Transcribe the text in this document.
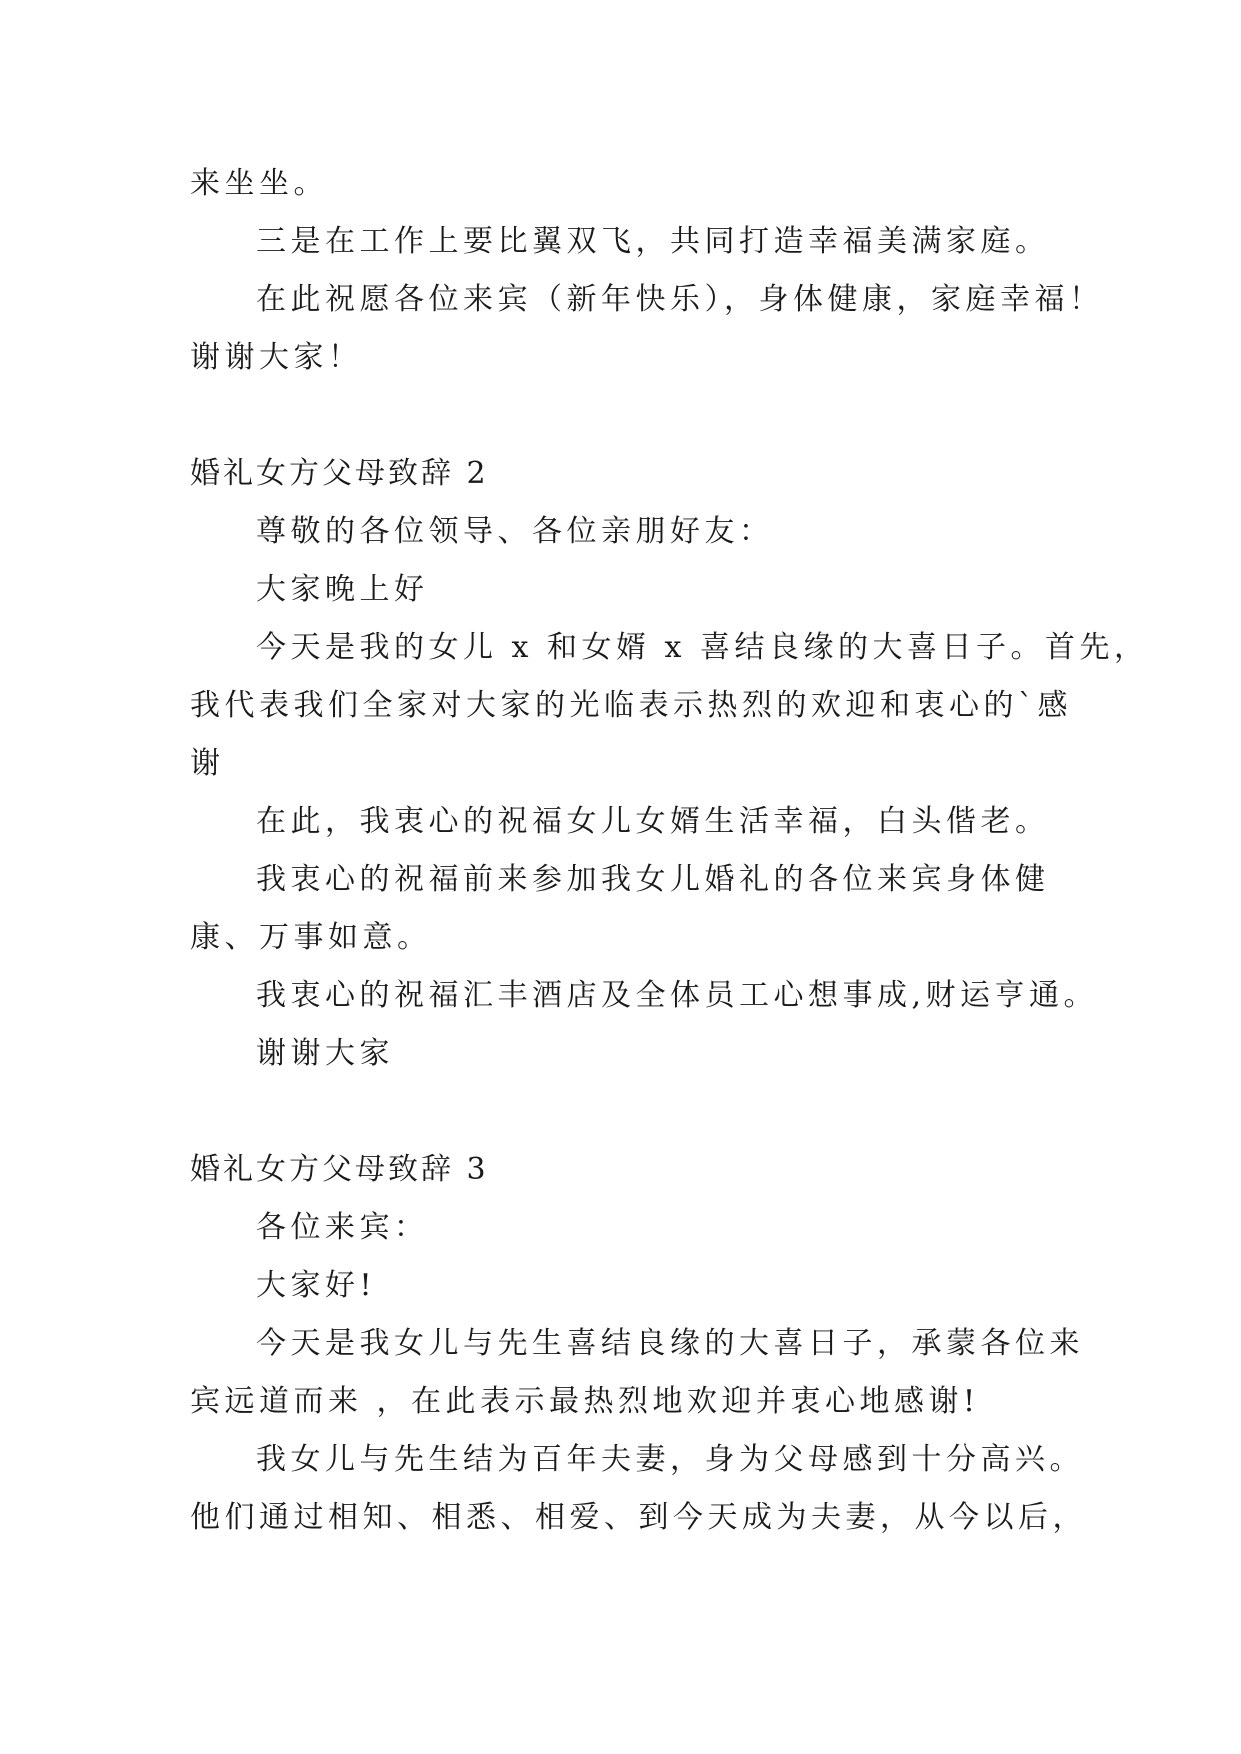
来坐坐。
三是在工作上要比翼双飞，共同打造幸福美满家庭。
在此祝愿各位来宾（新年快乐），身体健康，家庭幸福！
谢谢大家！
婚礼女方父母致辞 2
尊敬的各位领导、各位亲朋好友：
大家晚上好
今天是我的女儿 x 和女婿 x 喜结良缘的大喜日子。首先，
我代表我们全家对大家的光临表示热烈的欢迎和衷心的`感
谢
在此，我衷心的祝福女儿女婿生活幸福，白头偕老。
我衷心的祝福前来参加我女儿婚礼的各位来宾身体健
康、万事如意。
我衷心的祝福汇丰酒店及全体员工心想事成,财运亨通。
谢谢大家
婚礼女方父母致辞 3
各位来宾：
大家好!
今天是我女儿与先生喜结良缘的大喜日子，承蒙各位来
宾远道而来 ，在此表示最热烈地欢迎并衷心地感谢!
我女儿与先生结为百年夫妻，身为父母感到十分高兴。
他们通过相知、相悉、相爱、到今天成为夫妻，从今以后，
